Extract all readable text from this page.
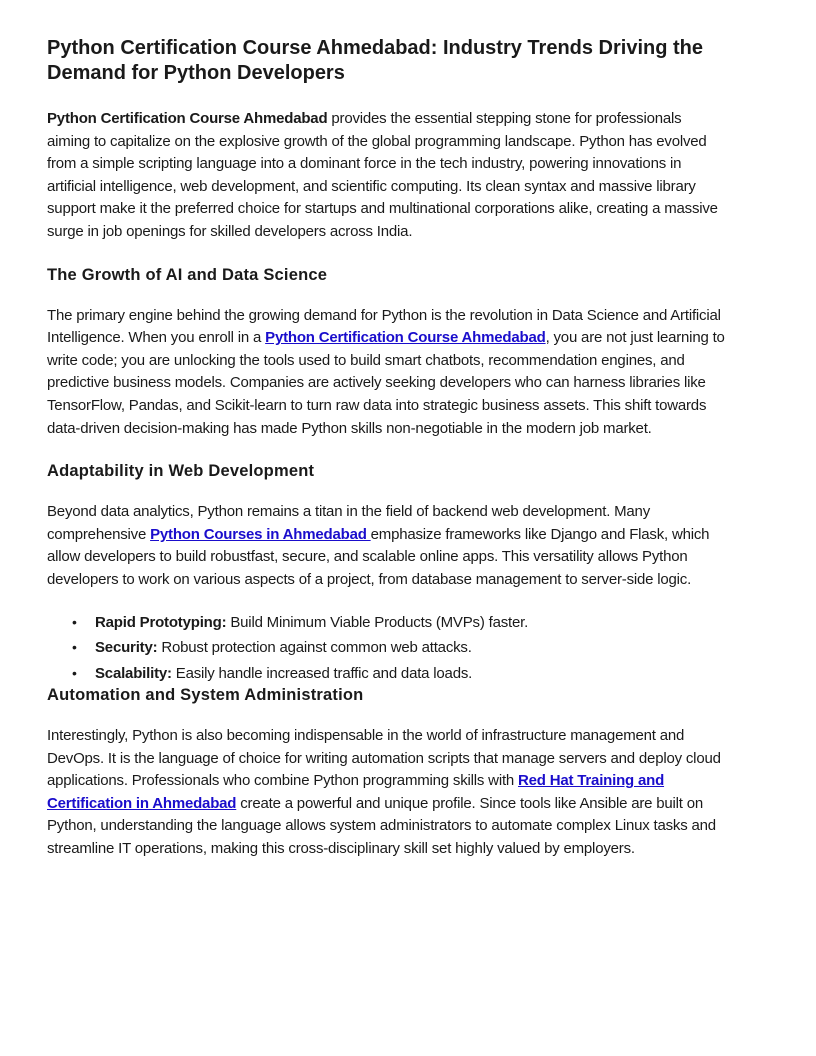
Python Certification Course Ahmedabad: Industry Trends Driving the Demand for Python Developers

Python Certification Course Ahmedabad provides the essential stepping stone for professionals aiming to capitalize on the explosive growth of the global programming landscape. Python has evolved from a simple scripting language into a dominant force in the tech industry, powering innovations in artificial intelligence, web development, and scientific computing. Its clean syntax and massive library support make it the preferred choice for startups and multinational corporations alike, creating a massive surge in job openings for skilled developers across India.

The Growth of AI and Data Science

The primary engine behind the growing demand for Python is the revolution in Data Science and Artificial Intelligence. When you enroll in a Python Certification Course Ahmedabad, you are not just learning to write code; you are unlocking the tools used to build smart chatbots, recommendation engines, and predictive business models. Companies are actively seeking developers who can harness libraries like TensorFlow, Pandas, and Scikit-learn to turn raw data into strategic business assets. This shift towards data-driven decision-making has made Python skills non-negotiable in the modern job market.

Adaptability in Web Development

Beyond data analytics, Python remains a titan in the field of backend web development. Many comprehensive Python Courses in Ahmedabad emphasize frameworks like Django and Flask, which allow developers to build robustfast, secure, and scalable online apps. This versatility allows Python developers to work on various aspects of a project, from database management to server-side logic.

• Rapid Prototyping: Build Minimum Viable Products (MVPs) faster.
• Security: Robust protection against common web attacks.
• Scalability: Easily handle increased traffic and data loads.
Automation and System Administration

Interestingly, Python is also becoming indispensable in the world of infrastructure management and DevOps. It is the language of choice for writing automation scripts that manage servers and deploy cloud applications. Professionals who combine Python programming skills with Red Hat Training and Certification in Ahmedabad create a powerful and unique profile. Since tools like Ansible are built on Python, understanding the language allows system administrators to automate complex Linux tasks and streamline IT operations, making this cross-disciplinary skill set highly valued by employers.
